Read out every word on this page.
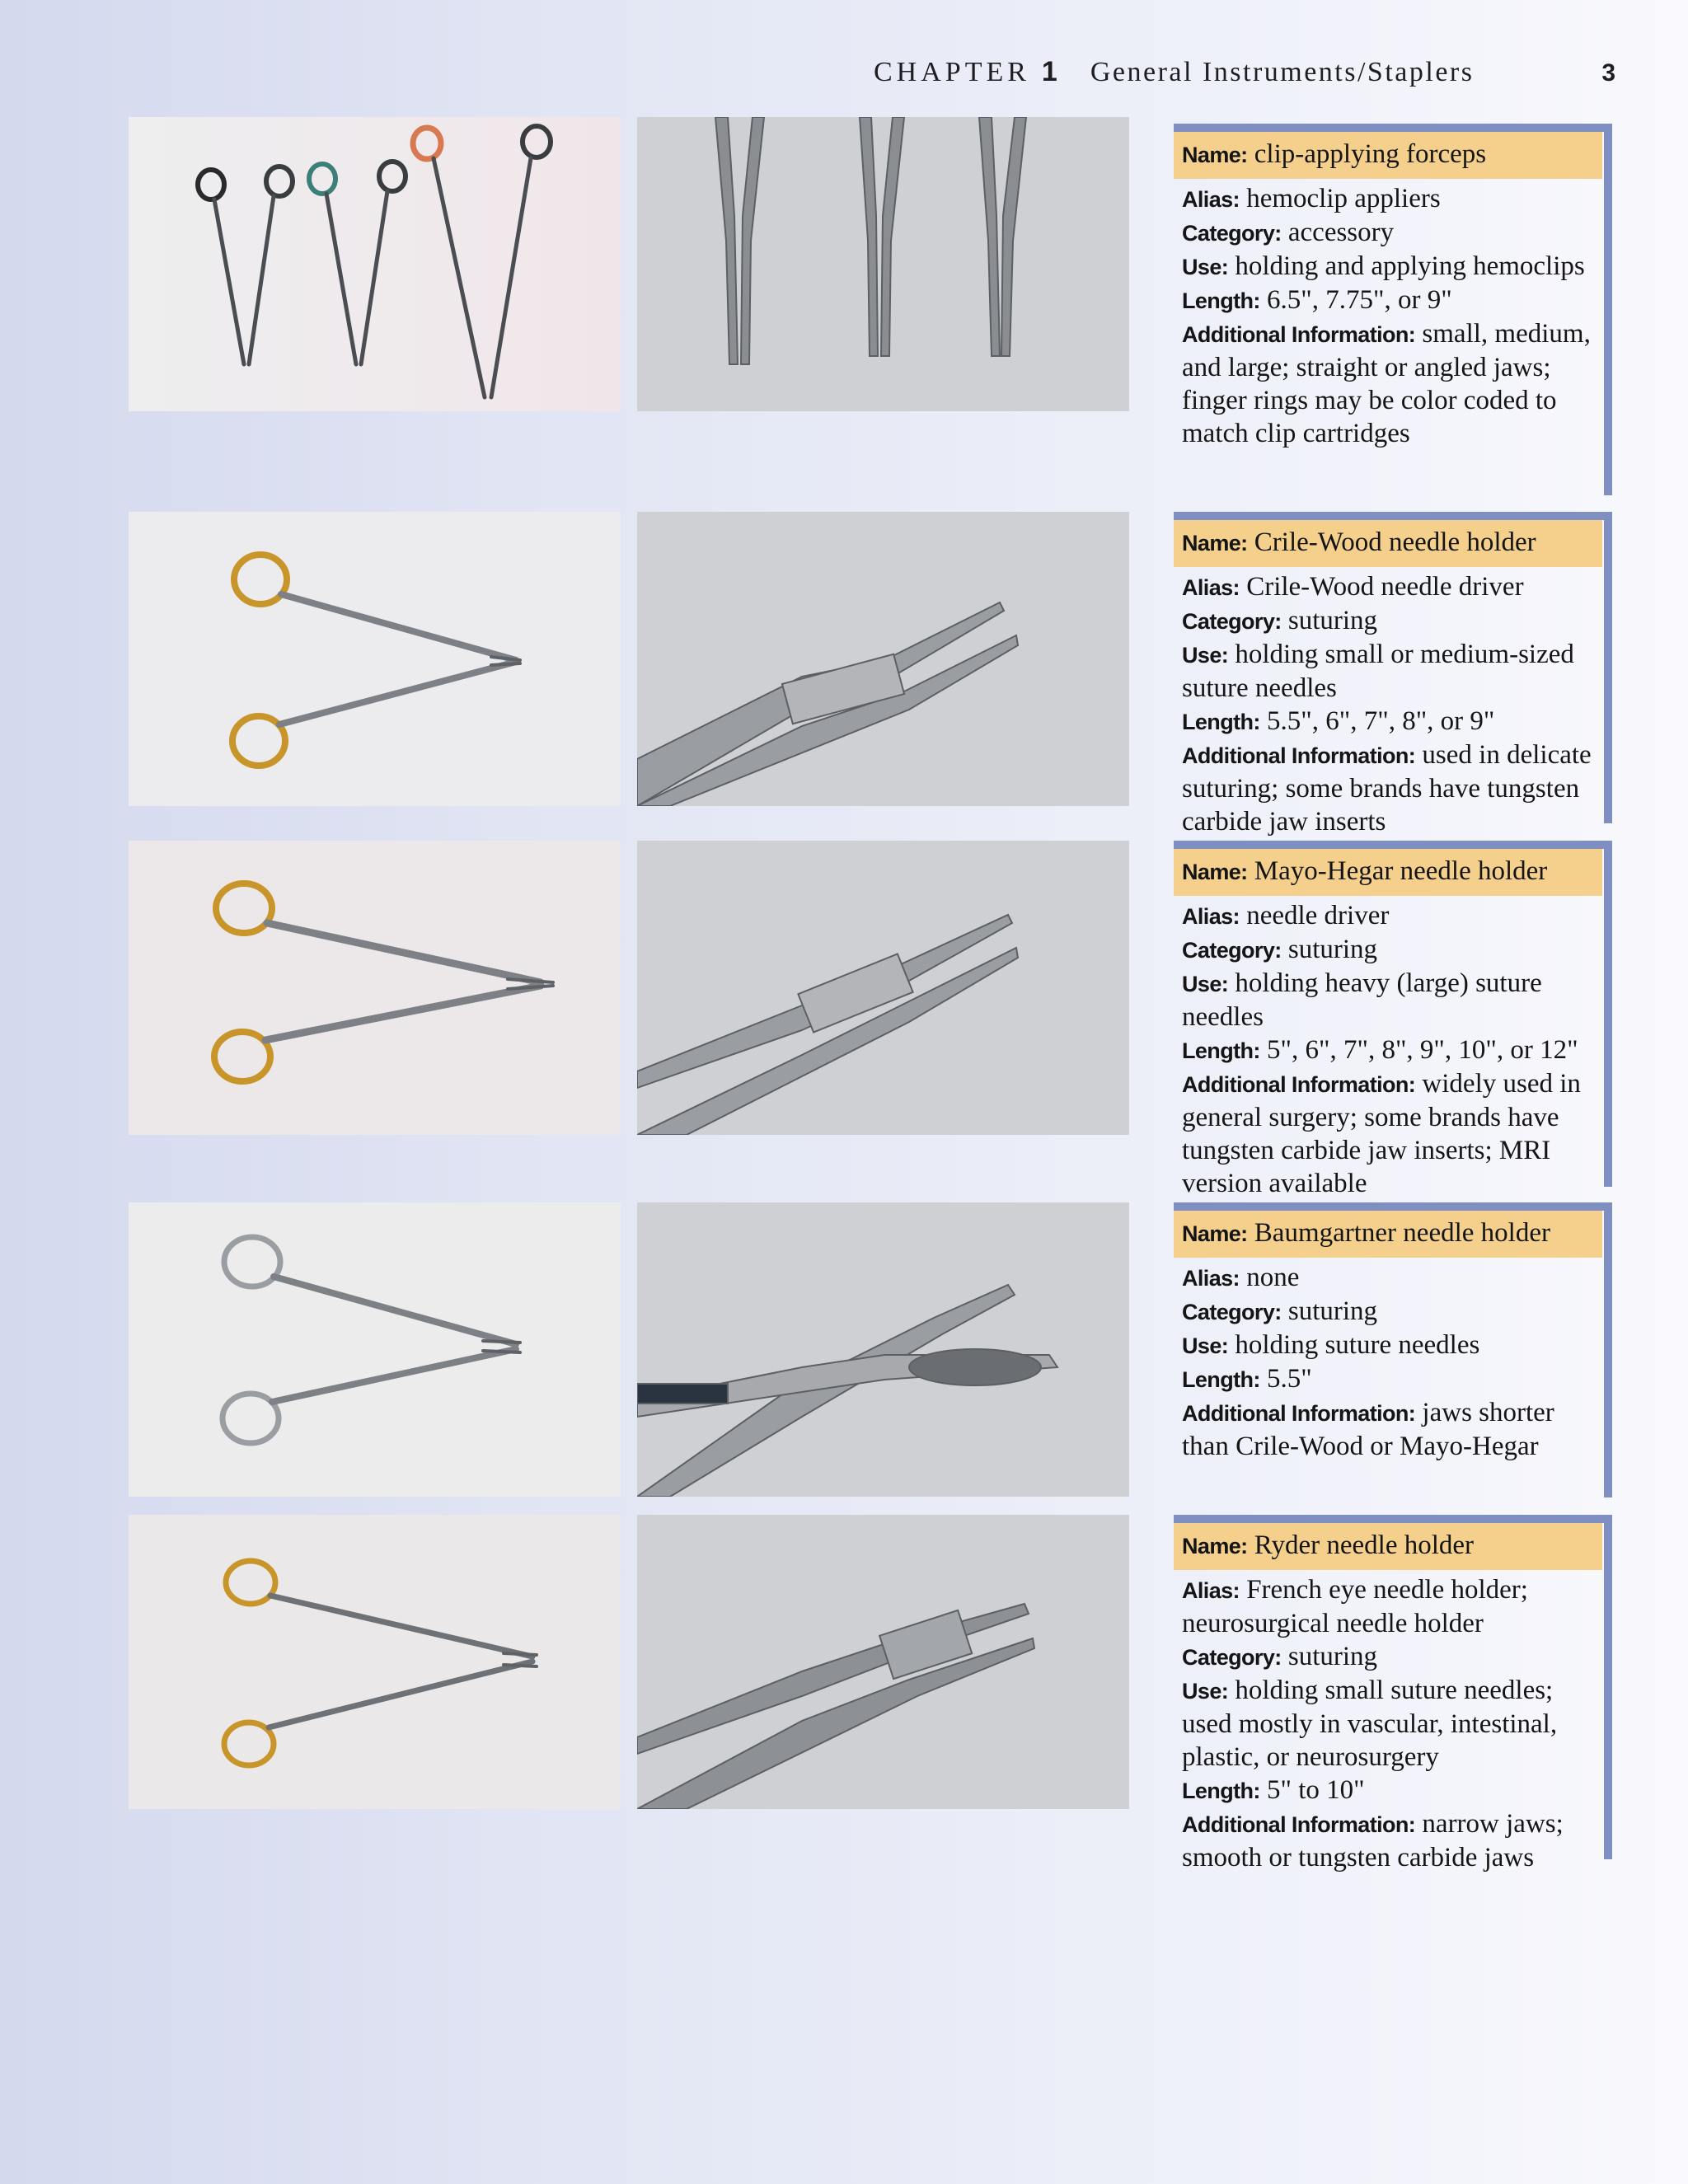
CHAPTER 1 General Instruments/Staplers	3
Name: clip-applying forceps
Alias: hemoclip appliers
Category: accessory
Use: holding and applying hemoclips
Length: 6.5", 7.75", or 9"
Additional Information: small, medium, and large; straight or angled jaws; finger rings may be color coded to match clip cartridges
Name: Crile-Wood needle holder
Alias: Crile-Wood needle driver
Category: suturing
Use: holding small or medium-sized suture needles
Length: 5.5", 6", 7", 8", or 9"
Additional Information: used in delicate suturing; some brands have tungsten carbide jaw inserts
Name: Mayo-Hegar needle holder
Alias: needle driver
Category: suturing
Use: holding heavy (large) suture needles
Length: 5", 6", 7", 8", 9", 10", or 12"
Additional Information: widely used in general surgery; some brands have tungsten carbide jaw inserts; MRI version available
Name: Baumgartner needle holder
Alias: none
Category: suturing
Use: holding suture needles
Length: 5.5"
Additional Information: jaws shorter than Crile-Wood or Mayo-Hegar
Name: Ryder needle holder
Alias: French eye needle holder; neurosurgical needle holder
Category: suturing
Use: holding small suture needles; used mostly in vascular, intestinal, plastic, or neurosurgery
Length: 5" to 10"
Additional Information: narrow jaws; smooth or tungsten carbide jaws
